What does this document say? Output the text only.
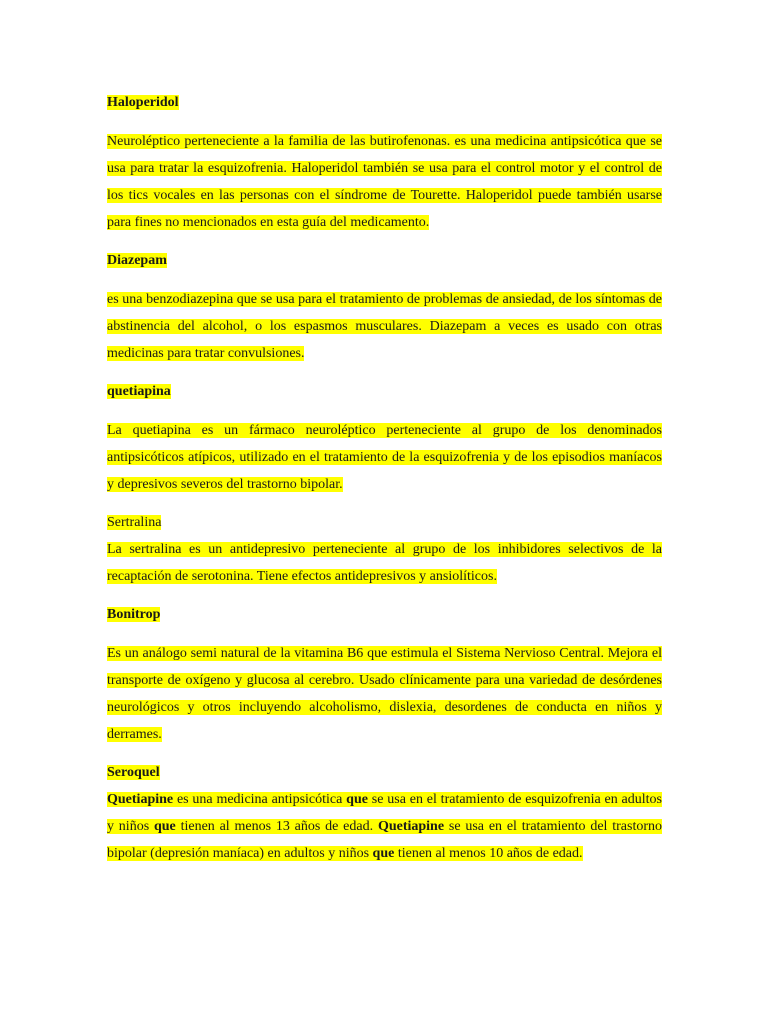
Haloperidol

Neuroléptico perteneciente a la familia de las butirofenonas. es una medicina antipsicótica que se usa para tratar la esquizofrenia. Haloperidol también se usa para el control motor y el control de los tics vocales en las personas con el síndrome de Tourette. Haloperidol puede también usarse para fines no mencionados en esta guía del medicamento.

Diazepam

es una benzodiazepina que se usa para el tratamiento de problemas de ansiedad, de los síntomas de abstinencia del alcohol, o los espasmos musculares. Diazepam a veces es usado con otras medicinas para tratar convulsiones.

quetiapina

La quetiapina es un fármaco neuroléptico perteneciente al grupo de los denominados antipsicóticos atípicos, utilizado en el tratamiento de la esquizofrenia y de los episodios maníacos y depresivos severos del trastorno bipolar.

Sertralina

La sertralina es un antidepresivo perteneciente al grupo de los inhibidores selectivos de la recaptación de serotonina. Tiene efectos antidepresivos y ansiolíticos.

Bonitrop

Es un análogo semi natural de la vitamina B6 que estimula el Sistema Nervioso Central. Mejora el transporte de oxígeno y glucosa al cerebro. Usado clínicamente para una variedad de desórdenes neurológicos y otros incluyendo alcoholismo, dislexia, desordenes de conducta en niños y derrames.

Seroquel

Quetiapine es una medicina antipsicótica que se usa en el tratamiento de esquizofrenia en adultos y niños que tienen al menos 13 años de edad. Quetiapine se usa en el tratamiento del trastorno bipolar (depresión maníaca) en adultos y niños que tienen al menos 10 años de edad.
